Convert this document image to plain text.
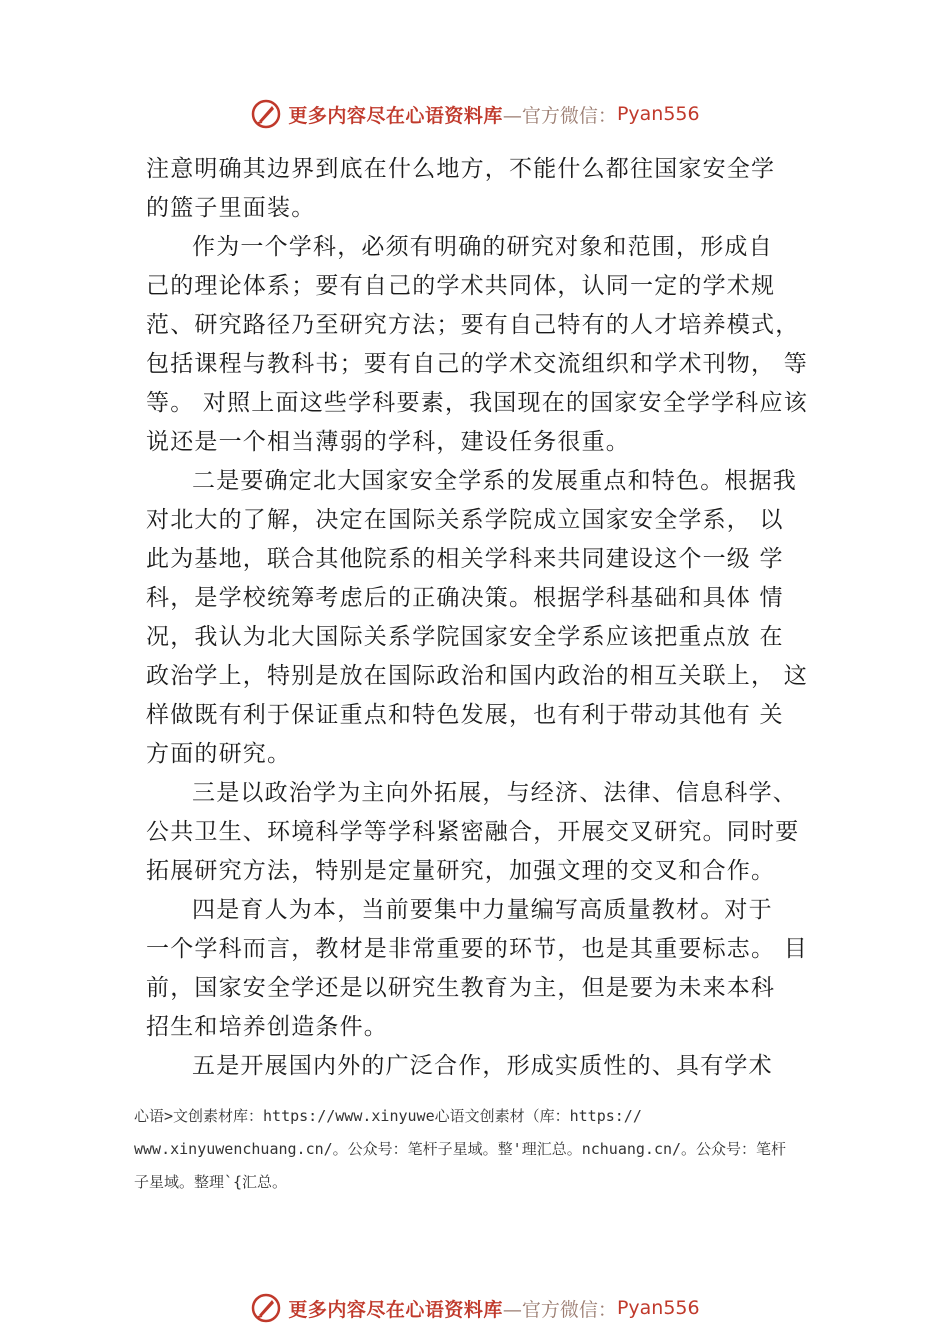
更多内容尽在心语资料库 —官方微信： Pyan556
注意明确其边界到底在什么地方，不能什么都往国家安全学
的篮子里面装。
作为一个学科，必须有明确的研究对象和范围，形成自
己的理论体系；要有自己的学术共同体，认同一定的学术规
范、研究路径乃至研究方法；要有自己特有的人才培养模式，
包括课程与教科书；要有自己的学术交流组织和学术刊物， 等
等。 对照上面这些学科要素，我国现在的国家安全学学科应该
说还是一个相当薄弱的学科，建设任务很重。
二是要确定北大国家安全学系的发展重点和特色。根据我
对北大的了解，决定在国际关系学院成立国家安全学系， 以
此为基地，联合其他院系的相关学科来共同建设这个一级 学
科，是学校统筹考虑后的正确决策。根据学科基础和具体 情
况，我认为北大国际关系学院国家安全学系应该把重点放 在
政治学上，特别是放在国际政治和国内政治的相互关联上， 这
样做既有利于保证重点和特色发展，也有利于带动其他有 关
方面的研究。
三是以政治学为主向外拓展，与经济、法律、信息科学、
公共卫生、环境科学等学科紧密融合，开展交叉研究。同时要
拓展研究方法，特别是定量研究，加强文理的交叉和合作。
四是育人为本，当前要集中力量编写高质量教材。对于
一个学科而言，教材是非常重要的环节，也是其重要标志。 目
前，国家安全学还是以研究生教育为主，但是要为未来本科
招生和培养创造条件。
五是开展国内外的广泛合作，形成实质性的、具有学术
心语>文创素材库：https://www.xinyuwe心语文创素材（库：https://
www.xinyuwenchuang.cn/。公众号：笔杆子星域。整'理汇总。nchuang.cn/。公众号：笔杆
子星域。整理`{汇总。
更多内容尽在心语资料库 —官方微信： Pyan556
